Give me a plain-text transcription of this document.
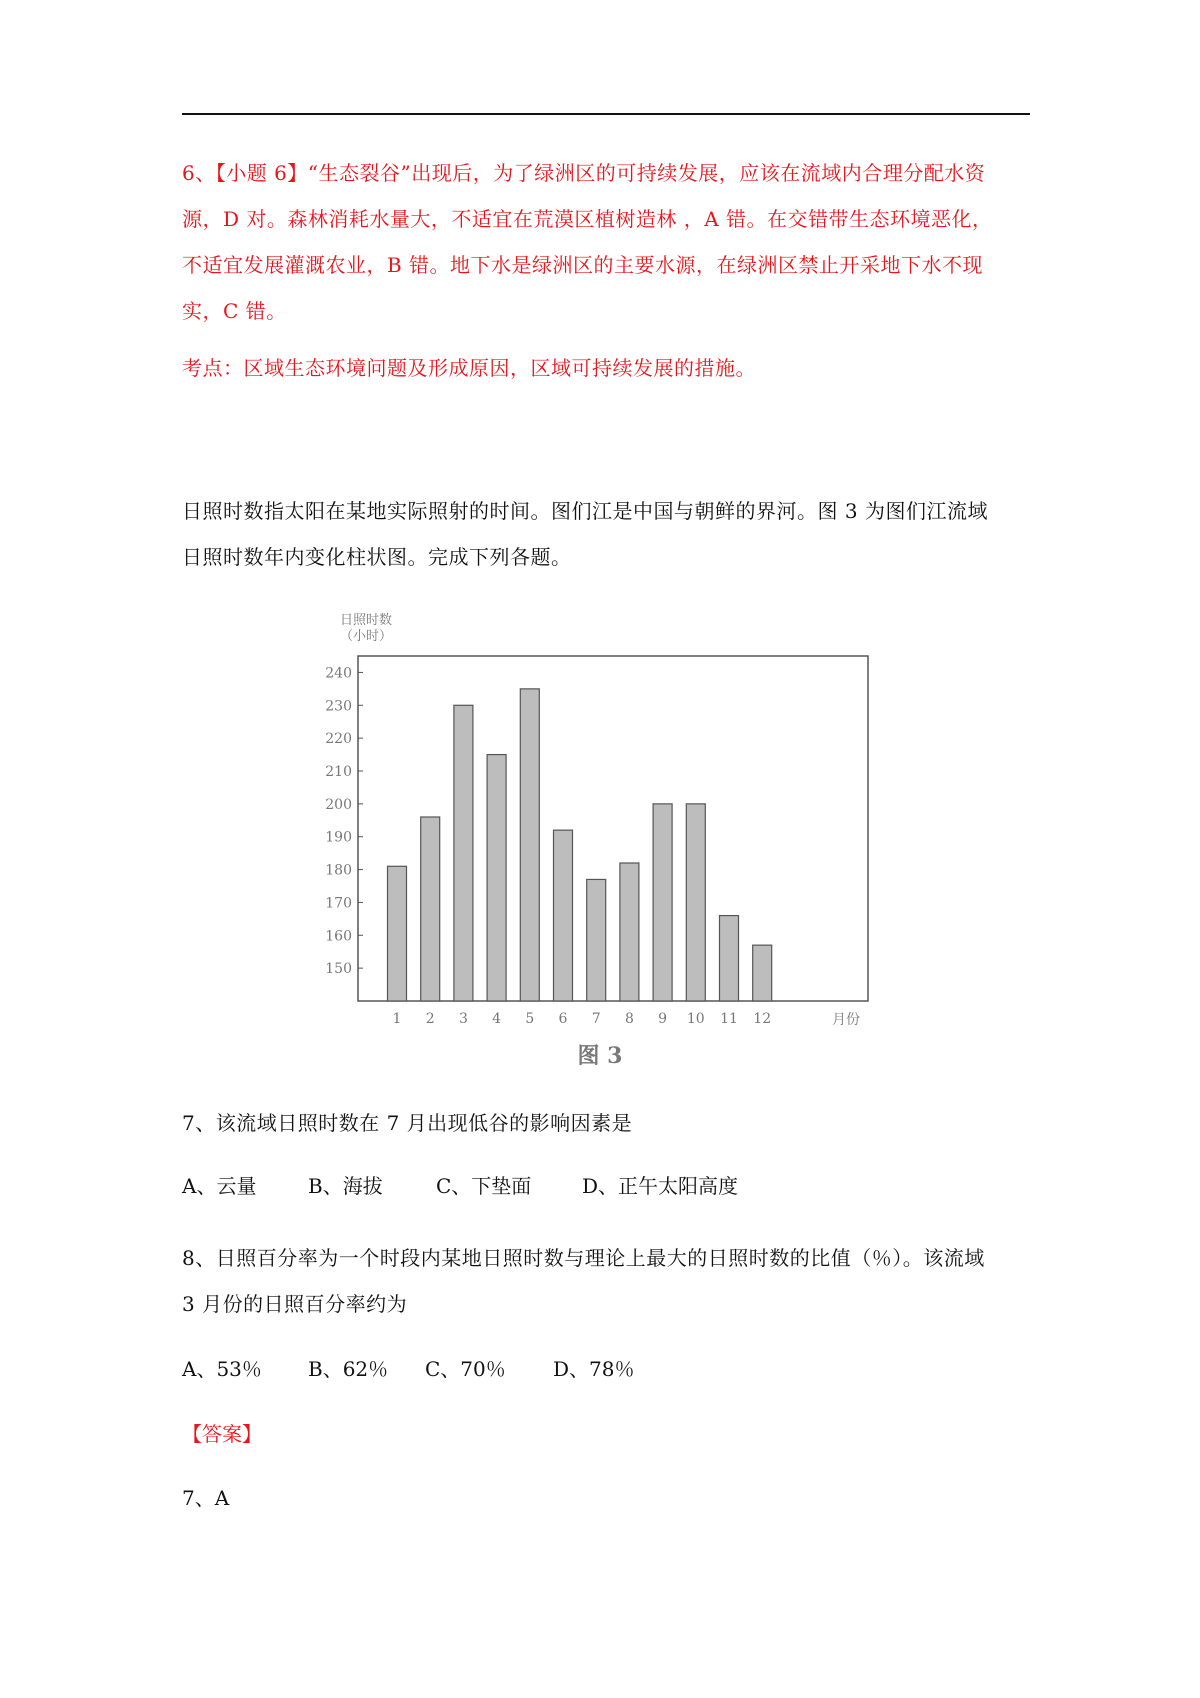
6、【小题 6】“生态裂谷”出现后，为了绿洲区的可持续发展，应该在流域内合理分配水资
源，D 对。森林消耗水量大，不适宜在荒漠区植树造林 ，A 错。在交错带生态环境恶化，
不适宜发展灌溉农业，B 错。地下水是绿洲区的主要水源，在绿洲区禁止开采地下水不现
实，C 错。
考点：区域生态环境问题及形成原因，区域可持续发展的措施。
日照时数指太阳在某地实际照射的时间。图们江是中国与朝鲜的界河。图 3 为图们江流域
日照时数年内变化柱状图。完成下列各题。
日照时数
（小时）
月份
图 3
150
160
170
180
190
200
210
220
230
240
1 2 3 4 5 6 7 8 9 10 11 12
7、该流域日照时数在 7 月出现低谷的影响因素是
A、云量	B、海拔	C、下垫面	D、正午太阳高度
8、日照百分率为一个时段内某地日照时数与理论上最大的日照时数的比值（％）。该流域
3 月份的日照百分率约为
A、53％ B、62％ C、70％ D、78％
【答案】
7、A
